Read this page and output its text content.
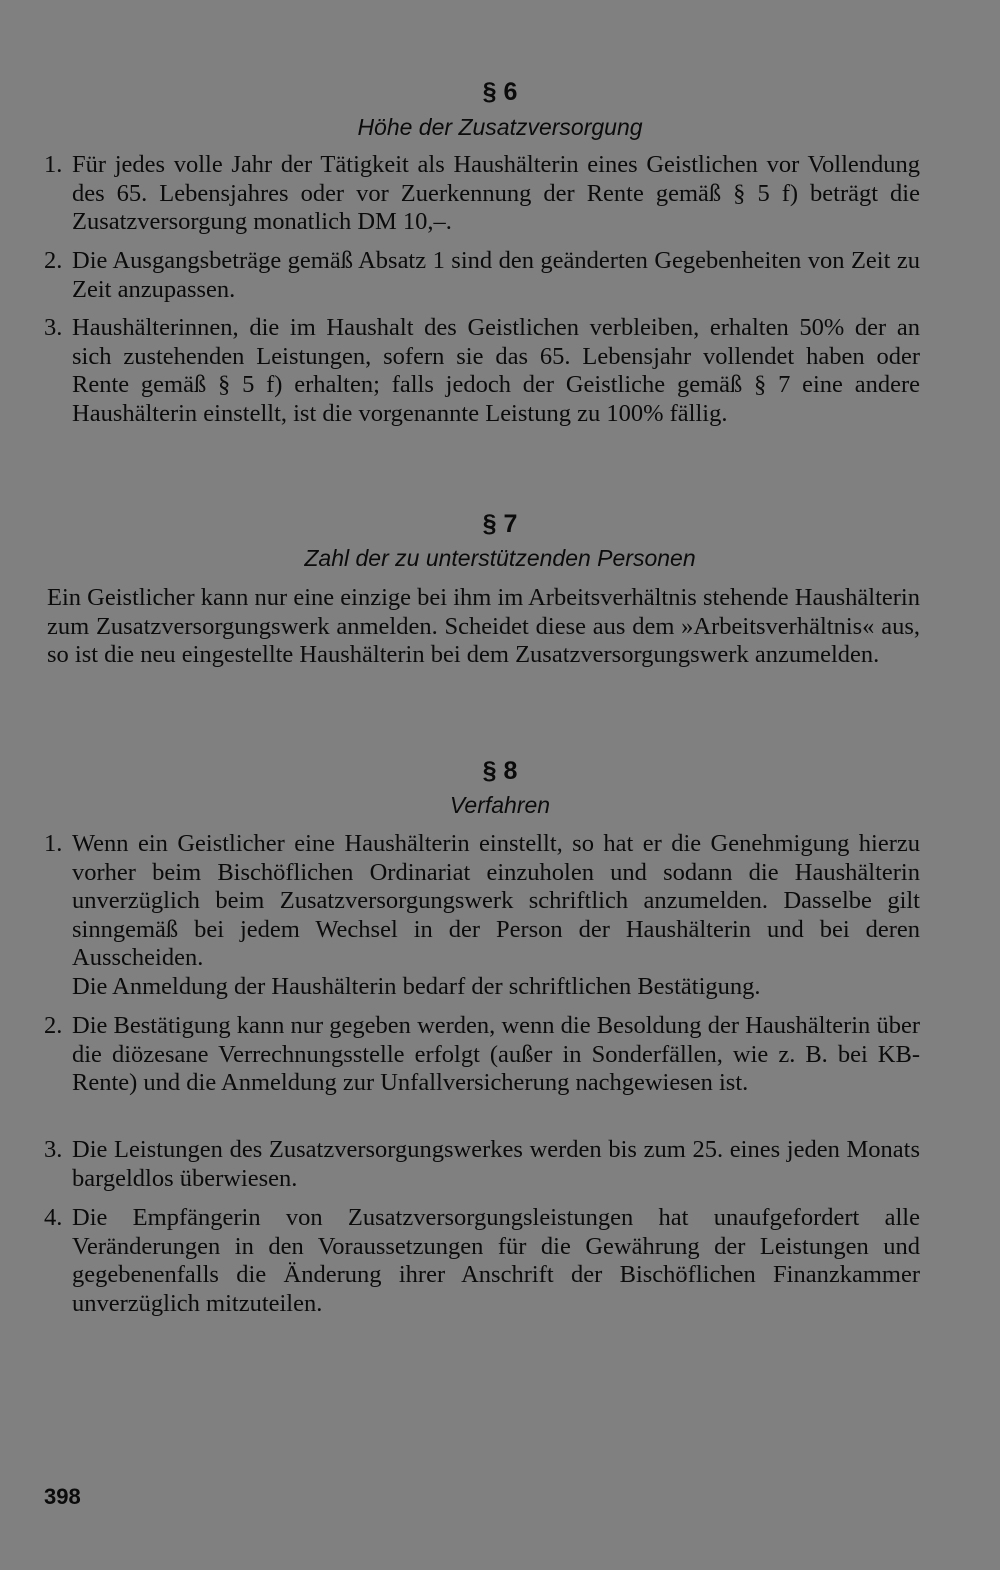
§ 6
Höhe der Zusatzversorgung
1. Für jedes volle Jahr der Tätigkeit als Haushälterin eines Geistlichen vor Vollendung des 65. Lebensjahres oder vor Zuerkennung der Rente gemäß § 5 f) beträgt die Zusatzversorgung monatlich DM 10,–.
2. Die Ausgangsbeträge gemäß Absatz 1 sind den geänderten Gegebenheiten von Zeit zu Zeit anzupassen.
3. Haushälterinnen, die im Haushalt des Geistlichen verbleiben, erhalten 50% der an sich zustehenden Leistungen, sofern sie das 65. Lebensjahr vollendet haben oder Rente gemäß § 5 f) erhalten; falls jedoch der Geistliche gemäß § 7 eine andere Haushälterin einstellt, ist die vorgenannte Leistung zu 100% fällig.
§ 7
Zahl der zu unterstützenden Personen
Ein Geistlicher kann nur eine einzige bei ihm im Arbeitsverhältnis stehende Haushälterin zum Zusatzversorgungswerk anmelden. Scheidet diese aus dem »Arbeitsverhältnis« aus, so ist die neu eingestellte Haushälterin bei dem Zusatzversorgungswerk anzumelden.
§ 8
Verfahren
1. Wenn ein Geistlicher eine Haushälterin einstellt, so hat er die Genehmigung hierzu vorher beim Bischöflichen Ordinariat einzuholen und sodann die Haushälterin unverzüglich beim Zusatzversorgungswerk schriftlich anzumelden. Dasselbe gilt sinngemäß bei jedem Wechsel in der Person der Haushälterin und bei deren Ausscheiden.

Die Anmeldung der Haushälterin bedarf der schriftlichen Bestätigung.

2. Die Bestätigung kann nur gegeben werden, wenn die Besoldung der Haushälterin über die diözesane Verrechnungsstelle erfolgt (außer in Sonderfällen, wie z. B. bei KB-Rente) und die Anmeldung zur Unfallversicherung nachgewiesen ist.
3. Die Leistungen des Zusatzversorgungswerkes werden bis zum 25. eines jeden Monats bargeldlos überwiesen.
4. Die Empfängerin von Zusatzversorgungsleistungen hat unaufgefordert alle Veränderungen in den Voraussetzungen für die Gewährung der Leistungen und gegebenenfalls die Änderung ihrer Anschrift der Bischöflichen Finanzkammer unverzüglich mitzuteilen.
398
